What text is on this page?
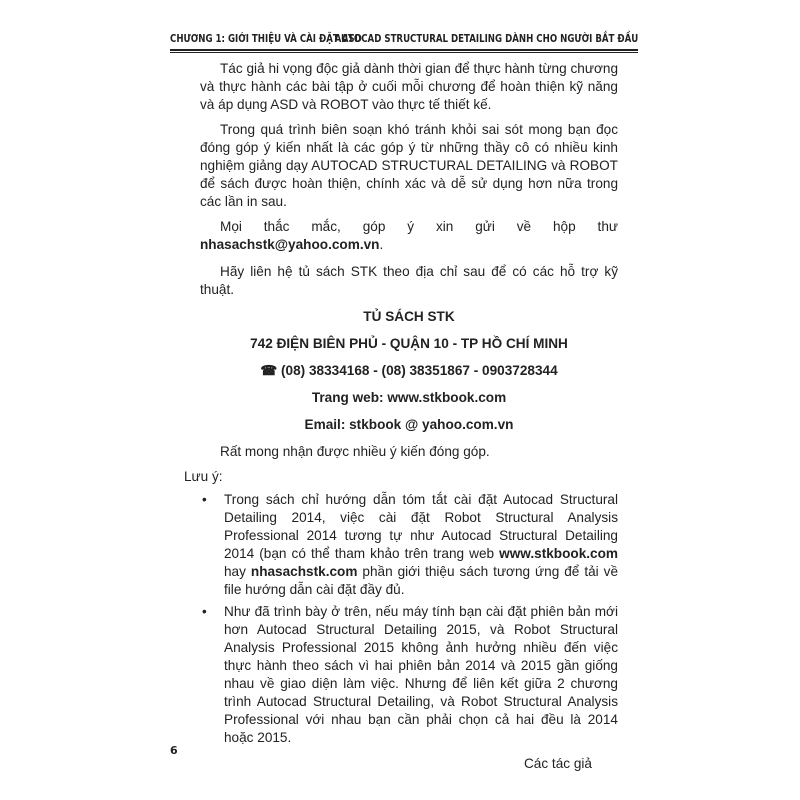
CHƯƠNG 1: GIỚI THIỆU VÀ CÀI ĐẶT ASD
AUTOCAD STRUCTURAL DETAILING DÀNH CHO NGƯỜI BẮT ĐẦU

Tác giả hi vọng độc giả dành thời gian để thực hành từng chương và thực hành các bài tập ở cuối mỗi chương để hoàn thiện kỹ năng và áp dụng ASD và ROBOT vào thực tế thiết kế.

Trong quá trình biên soạn khó tránh khỏi sai sót mong bạn đọc đóng góp ý kiến nhất là các góp ý từ những thầy cô có nhiều kinh nghiệm giảng dạy AUTOCAD STRUCTURAL DETAILING và ROBOT để sách được hoàn thiện, chính xác và dễ sử dụng hơn nữa trong các lần in sau.

Mọi thắc mắc, góp ý xin gửi về hộp thư nhasachstk@yahoo.com.vn.

Hãy liên hệ tủ sách STK theo địa chỉ sau để có các hỗ trợ kỹ thuật.

TỦ SÁCH STK

742 ĐIỆN BIÊN PHỦ - QUẬN 10 - TP HỒ CHÍ MINH

☎ (08) 38334168 - (08) 38351867 - 0903728344

Trang web: www.stkbook.com

Email: stkbook @ yahoo.com.vn

Rất mong nhận được nhiều ý kiến đóng góp.

Lưu ý:

• Trong sách chỉ hướng dẫn tóm tắt cài đặt Autocad Structural Detailing 2014, việc cài đặt Robot Structural Analysis Professional 2014 tương tự như Autocad Structural Detailing 2014 (bạn có thể tham khảo trên trang web www.stkbook.com hay nhasachstk.com phần giới thiệu sách tương ứng để tải về file hướng dẫn cài đặt đầy đủ.
• Như đã trình bày ở trên, nếu máy tính bạn cài đặt phiên bản mới hơn Autocad Structural Detailing 2015, và Robot Structural Analysis Professional 2015 không ảnh hưởng nhiều đến việc thực hành theo sách vì hai phiên bản 2014 và 2015 gần giống nhau về giao diện làm việc. Nhưng để liên kết giữa 2 chương trình Autocad Structural Detailing, và Robot Structural Analysis Professional với nhau bạn cần phải chọn cả hai đều là 2014 hoặc 2015.

Các tác giả

6
